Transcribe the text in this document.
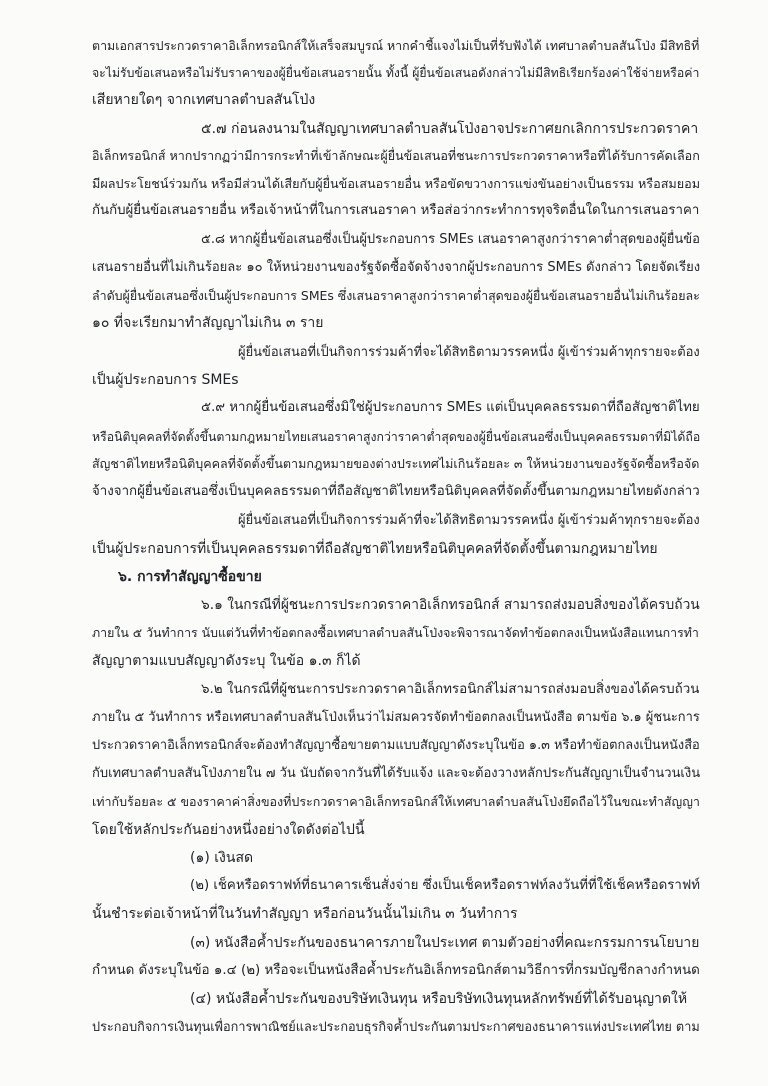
ตามเอกสารประกวดราคาอิเล็กทรอนิกส์ให้เสร็จสมบูรณ์ หากคำชี้แจงไม่เป็นที่รับฟังได้ เทศบาลตำบลสันโป่ง มีสิทธิที่

จะไม่รับข้อเสนอหรือไม่รับราคาของผู้ยื่นข้อเสนอรายนั้น ทั้งนี้ ผู้ยื่นข้อเสนอดังกล่าวไม่มีสิทธิเรียกร้องค่าใช้จ่ายหรือค่า

เสียหายใดๆ จากเทศบาลตำบลสันโป่ง

๕.๗ ก่อนลงนามในสัญญาเทศบาลตำบลสันโป่งอาจประกาศยกเลิกการประกวดราคา

อิเล็กทรอนิกส์ หากปรากฏว่ามีการกระทำที่เข้าลักษณะผู้ยื่นข้อเสนอที่ชนะการประกวดราคาหรือที่ได้รับการคัดเลือก

มีผลประโยชน์ร่วมกัน หรือมีส่วนได้เสียกับผู้ยื่นข้อเสนอรายอื่น หรือขัดขวางการแข่งขันอย่างเป็นธรรม หรือสมยอม

กันกับผู้ยื่นข้อเสนอรายอื่น หรือเจ้าหน้าที่ในการเสนอราคา หรือส่อว่ากระทำการทุจริตอื่นใดในการเสนอราคา

๕.๘ หากผู้ยื่นข้อเสนอซึ่งเป็นผู้ประกอบการ SMEs เสนอราคาสูงกว่าราคาต่ำสุดของผู้ยื่นข้อ

เสนอรายอื่นที่ไม่เกินร้อยละ ๑๐ ให้หน่วยงานของรัฐจัดซื้อจัดจ้างจากผู้ประกอบการ SMEs ดังกล่าว โดยจัดเรียง

ลำดับผู้ยื่นข้อเสนอซึ่งเป็นผู้ประกอบการ SMEs ซึ่งเสนอราคาสูงกว่าราคาต่ำสุดของผู้ยื่นข้อเสนอรายอื่นไม่เกินร้อยละ

๑๐ ที่จะเรียกมาทำสัญญาไม่เกิน ๓ ราย

ผู้ยื่นข้อเสนอที่เป็นกิจการร่วมค้าที่จะได้สิทธิตามวรรคหนึ่ง ผู้เข้าร่วมค้าทุกรายจะต้อง

เป็นผู้ประกอบการ SMEs

๕.๙ หากผู้ยื่นข้อเสนอซึ่งมิใช่ผู้ประกอบการ SMEs แต่เป็นบุคคลธรรมดาที่ถือสัญชาติไทย

หรือนิติบุคคลที่จัดตั้งขึ้นตามกฎหมายไทยเสนอราคาสูงกว่าราคาต่ำสุดของผู้ยื่นข้อเสนอซึ่งเป็นบุคคลธรรมดาที่มิได้ถือ

สัญชาติไทยหรือนิติบุคคลที่จัดตั้งขึ้นตามกฎหมายของต่างประเทศไม่เกินร้อยละ ๓ ให้หน่วยงานของรัฐจัดซื้อหรือจัด

จ้างจากผู้ยื่นข้อเสนอซึ่งเป็นบุคคลธรรมดาที่ถือสัญชาติไทยหรือนิติบุคคลที่จัดตั้งขึ้นตามกฎหมายไทยดังกล่าว

ผู้ยื่นข้อเสนอที่เป็นกิจการร่วมค้าที่จะได้สิทธิตามวรรคหนึ่ง ผู้เข้าร่วมค้าทุกรายจะต้อง

เป็นผู้ประกอบการที่เป็นบุคคลธรรมดาที่ถือสัญชาติไทยหรือนิติบุคคลที่จัดตั้งขึ้นตามกฎหมายไทย

๖. การทำสัญญาซื้อขาย

๖.๑ ในกรณีที่ผู้ชนะการประกวดราคาอิเล็กทรอนิกส์ สามารถส่งมอบสิ่งของได้ครบถ้วน

ภายใน ๕ วันทำการ นับแต่วันที่ทำข้อตกลงซื้อเทศบาลตำบลสันโป่งจะพิจารณาจัดทำข้อตกลงเป็นหนังสือแทนการทำ

สัญญาตามแบบสัญญาดังระบุ ในข้อ ๑.๓ ก็ได้

๖.๒ ในกรณีที่ผู้ชนะการประกวดราคาอิเล็กทรอนิกส์ไม่สามารถส่งมอบสิ่งของได้ครบถ้วน

ภายใน ๕ วันทำการ หรือเทศบาลตำบลสันโป่งเห็นว่าไม่สมควรจัดทำข้อตกลงเป็นหนังสือ ตามข้อ ๖.๑ ผู้ชนะการ

ประกวดราคาอิเล็กทรอนิกส์จะต้องทำสัญญาซื้อขายตามแบบสัญญาดังระบุในข้อ ๑.๓ หรือทำข้อตกลงเป็นหนังสือ

กับเทศบาลตำบลสันโป่งภายใน ๗ วัน นับถัดจากวันที่ได้รับแจ้ง และจะต้องวางหลักประกันสัญญาเป็นจำนวนเงิน

เท่ากับร้อยละ ๕ ของราคาค่าสิ่งของที่ประกวดราคาอิเล็กทรอนิกส์ให้เทศบาลตำบลสันโป่งยึดถือไว้ในขณะทำสัญญา

โดยใช้หลักประกันอย่างหนึ่งอย่างใดดังต่อไปนี้

(๑) เงินสด

(๒) เช็คหรือดราฟท์ที่ธนาคารเซ็นสั่งจ่าย ซึ่งเป็นเช็คหรือดราฟท์ลงวันที่ที่ใช้เช็คหรือดราฟท์

นั้นชำระต่อเจ้าหน้าที่ในวันทำสัญญา หรือก่อนวันนั้นไม่เกิน ๓ วันทำการ

(๓) หนังสือค้ำประกันของธนาคารภายในประเทศ ตามตัวอย่างที่คณะกรรมการนโยบาย

กำหนด ดังระบุในข้อ ๑.๔ (๒) หรือจะเป็นหนังสือค้ำประกันอิเล็กทรอนิกส์ตามวิธีการที่กรมบัญชีกลางกำหนด

(๔) หนังสือค้ำประกันของบริษัทเงินทุน หรือบริษัทเงินทุนหลักทรัพย์ที่ได้รับอนุญาตให้

ประกอบกิจการเงินทุนเพื่อการพาณิชย์และประกอบธุรกิจค้ำประกันตามประกาศของธนาคารแห่งประเทศไทย ตาม
